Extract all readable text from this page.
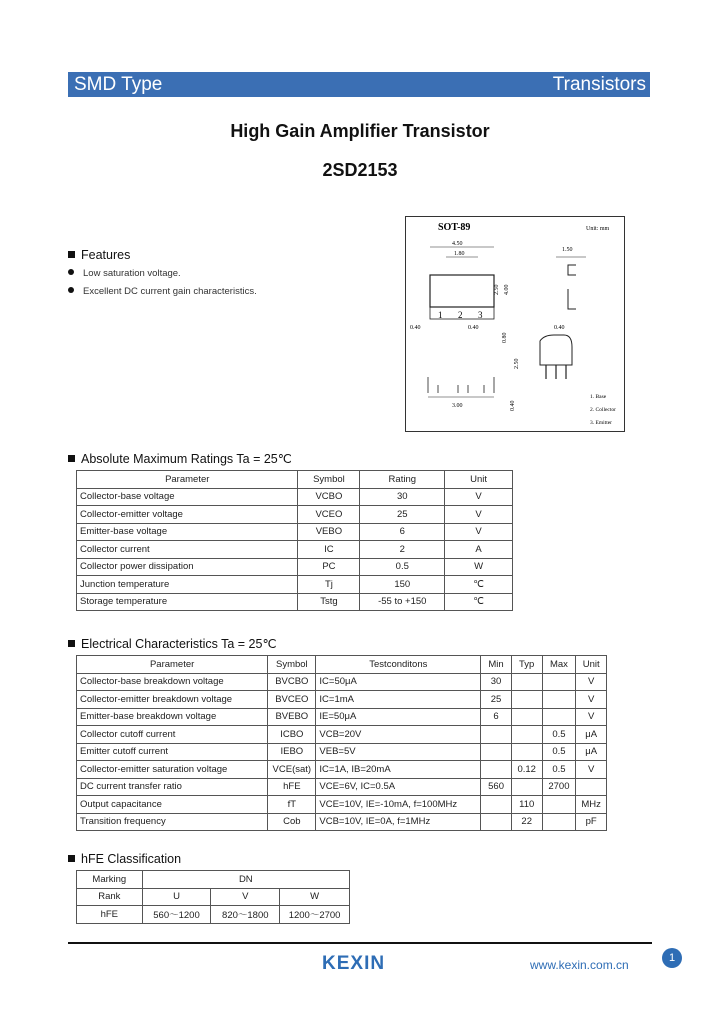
SMD Type	Transistors
High Gain Amplifier Transistor
2SD2153
SOT-89	Unit: mm
4.50
1.80
1 2 3
0.40	0.40
2.50 4.00
0.80
1.50
0.40
2.50
0.40
3.00
1. Base
2. Collector
3. Emitter
Features
Low saturation voltage.
Excellent DC current gain characteristics.
Absolute Maximum Ratings Ta = 25℃
Parameter	Symbol	Rating	Unit
Collector-base voltage	VCBO	30	V
Collector-emitter voltage	VCEO	25	V
Emitter-base voltage	VEBO	6	V
Collector current	IC	2	A
Collector power dissipation	PC	0.5	W
Junction temperature	Tj	150	℃
Storage temperature	Tstg	-55 to +150	℃
Electrical Characteristics Ta = 25℃
Parameter	Symbol	Testconditons	Min	Typ	Max	Unit
Collector-base breakdown voltage	BVCBO	IC=50μA	30			V
Collector-emitter breakdown voltage	BVCEO	IC=1mA	25			V
Emitter-base breakdown voltage	BVEBO	IE=50μA	6			V
Collector cutoff current	ICBO	VCB=20V			0.5	μA
Emitter cutoff current	IEBO	VEB=5V			0.5	μA
Collector-emitter saturation voltage	VCE(sat)	IC=1A, IB=20mA		0.12	0.5	V
DC current transfer ratio	hFE	VCE=6V, IC=0.5A	560		2700	
Output capacitance	fT	VCE=10V, IE=-10mA, f=100MHz		110		MHz
Transition frequency	Cob	VCB=10V, IE=0A, f=1MHz		22		pF
hFE Classification
Marking	DN		
Rank	U	V	W
hFE	560～1200	820～1800	1200～2700
KEXIN	www.kexin.com.cn	1
